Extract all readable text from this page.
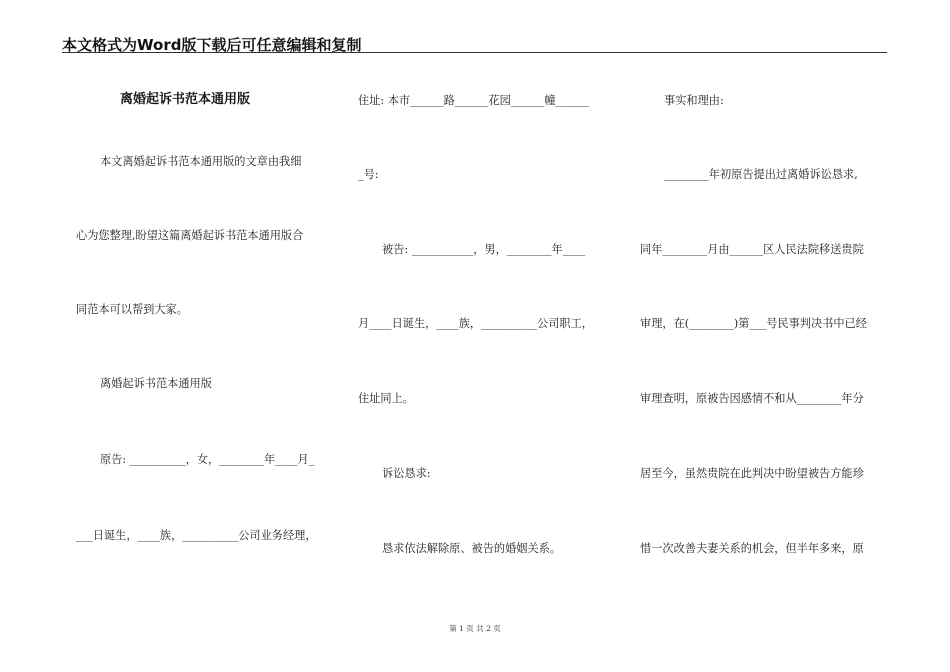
本文格式为Word版下载后可任意编辑和复制
离婚起诉书范本通用版
本文离婚起诉书范本通用版的文章由我细
心为您整理,盼望这篇离婚起诉书范本通用版合
同范本可以帮到大家。
离婚起诉书范本通用版
原告: __________，女，________年____月_
___日诞生，____族，__________公司业务经理，
住址: 本市______路______花园______幢______
_号:
被告: ___________，男，________年____
月____日诞生，____族，__________公司职工，
住址同上。
诉讼恳求:
恳求依法解除原、被告的婚姻关系。
事实和理由:
________年初原告提出过离婚诉讼恳求,
同年________月由______区人民法院移送贵院
审理，在(________)第___号民事判决书中已经
审理查明，原被告因感情不和从________年分
居至今，虽然贵院在此判决中盼望被告方能珍
惜一次改善夫妻关系的机会，但半年多来，原
第 1 页 共 2 页
